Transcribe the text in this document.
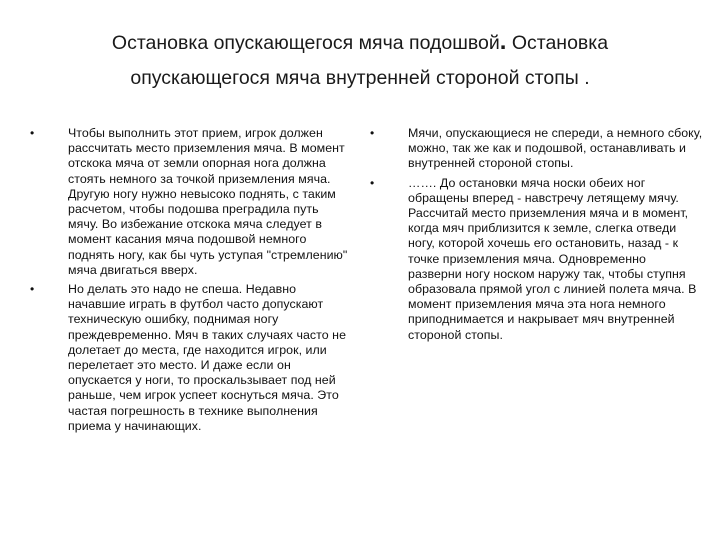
Остановка опускающегося мяча подошвой. Остановка опускающегося мяча внутренней стороной стопы .
•	Чтобы выполнить этот прием, игрок должен рассчитать место приземления мяча. В момент отскока мяча от земли опорная нога должна стоять немного за точкой приземления мяча. Другую ногу нужно невысоко поднять, с таким расчетом, чтобы подошва преградила путь мячу. Во избежание отскока мяча следует в момент касания мяча подошвой немного поднять ногу, как бы чуть уступая "стремлению" мяча двигаться вверх.
•	Но делать это надо не спеша. Недавно начавшие играть в футбол часто допускают техническую ошибку, поднимая ногу преждевременно. Мяч в таких случаях часто не долетает до места, где находится игрок, или перелетает это место. И даже если он опускается у ноги, то проскальзывает под ней раньше, чем игрок успеет коснуться мяча. Это частая погрешность в технике выполнения приема у начинающих.
•	Мячи, опускающиеся не спереди, а немного сбоку, можно, так же как и подошвой, останавливать и внутренней стороной стопы.
•	……. До остановки мяча носки обеих ног обращены вперед - навстречу летящему мячу. Рассчитай место приземления мяча и в момент, когда мяч приблизится к земле, слегка отведи ногу, которой хочешь его остановить, назад - к точке приземления мяча. Одновременно разверни ногу носком наружу так, чтобы ступня образовала прямой угол с линией полета мяча. В момент приземления мяча эта нога немного приподнимается и накрывает мяч внутренней стороной стопы.
